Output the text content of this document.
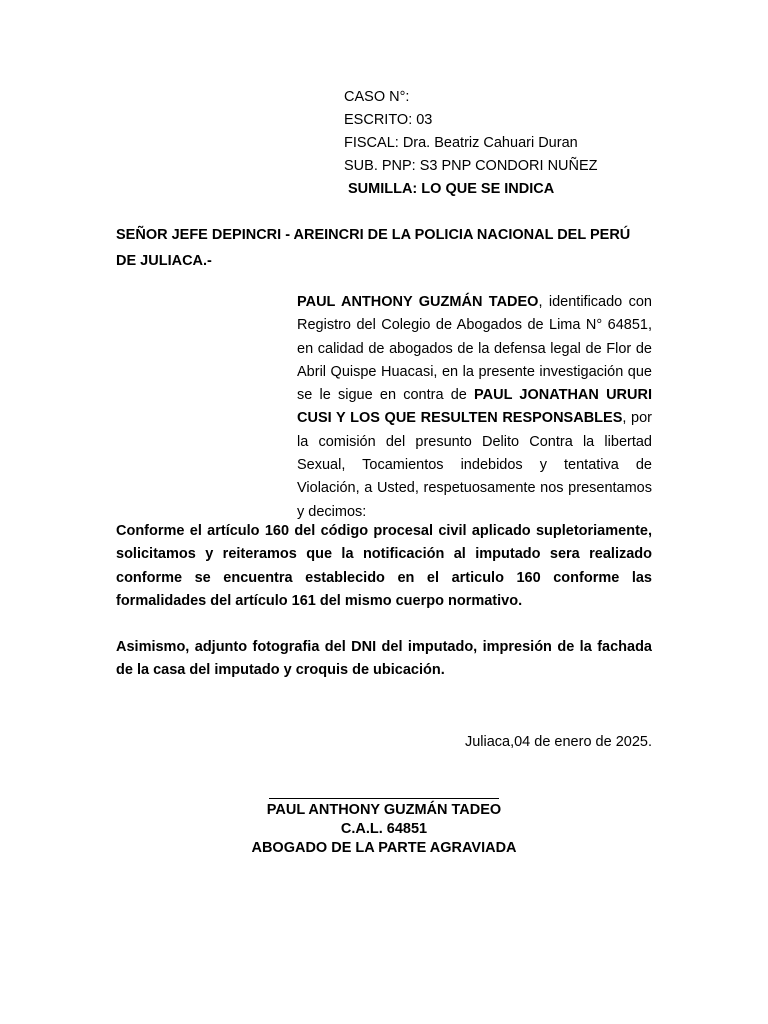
CASO N°:
ESCRITO: 03
FISCAL: Dra. Beatriz Cahuari Duran
SUB. PNP: S3 PNP CONDORI NUÑEZ
SUMILLA: LO QUE SE INDICA
SEÑOR JEFE DEPINCRI - AREINCRI DE LA POLICIA NACIONAL DEL PERÚ DE JULIACA.-
PAUL ANTHONY GUZMÁN TADEO, identificado con Registro del Colegio de Abogados de Lima N° 64851, en calidad de abogados de la defensa legal de Flor de Abril Quispe Huacasi, en la presente investigación que se le sigue en contra de PAUL JONATHAN URURI CUSI Y LOS QUE RESULTEN RESPONSABLES, por la comisión del presunto Delito Contra la libertad Sexual, Tocamientos indebidos y tentativa de Violación, a Usted, respetuosamente nos presentamos y decimos:
Conforme el artículo 160 del código procesal civil aplicado supletoriamente, solicitamos y reiteramos que la notificación al imputado sera realizado conforme se encuentra establecido en el articulo 160 conforme las formalidades del artículo 161 del mismo cuerpo normativo.
Asimismo, adjunto fotografia del DNI del imputado, impresión de la fachada de la casa del imputado y croquis de ubicación.
Juliaca,04 de enero de 2025.
PAUL ANTHONY GUZMÁN TADEO
C.A.L. 64851
ABOGADO DE LA PARTE AGRAVIADA
